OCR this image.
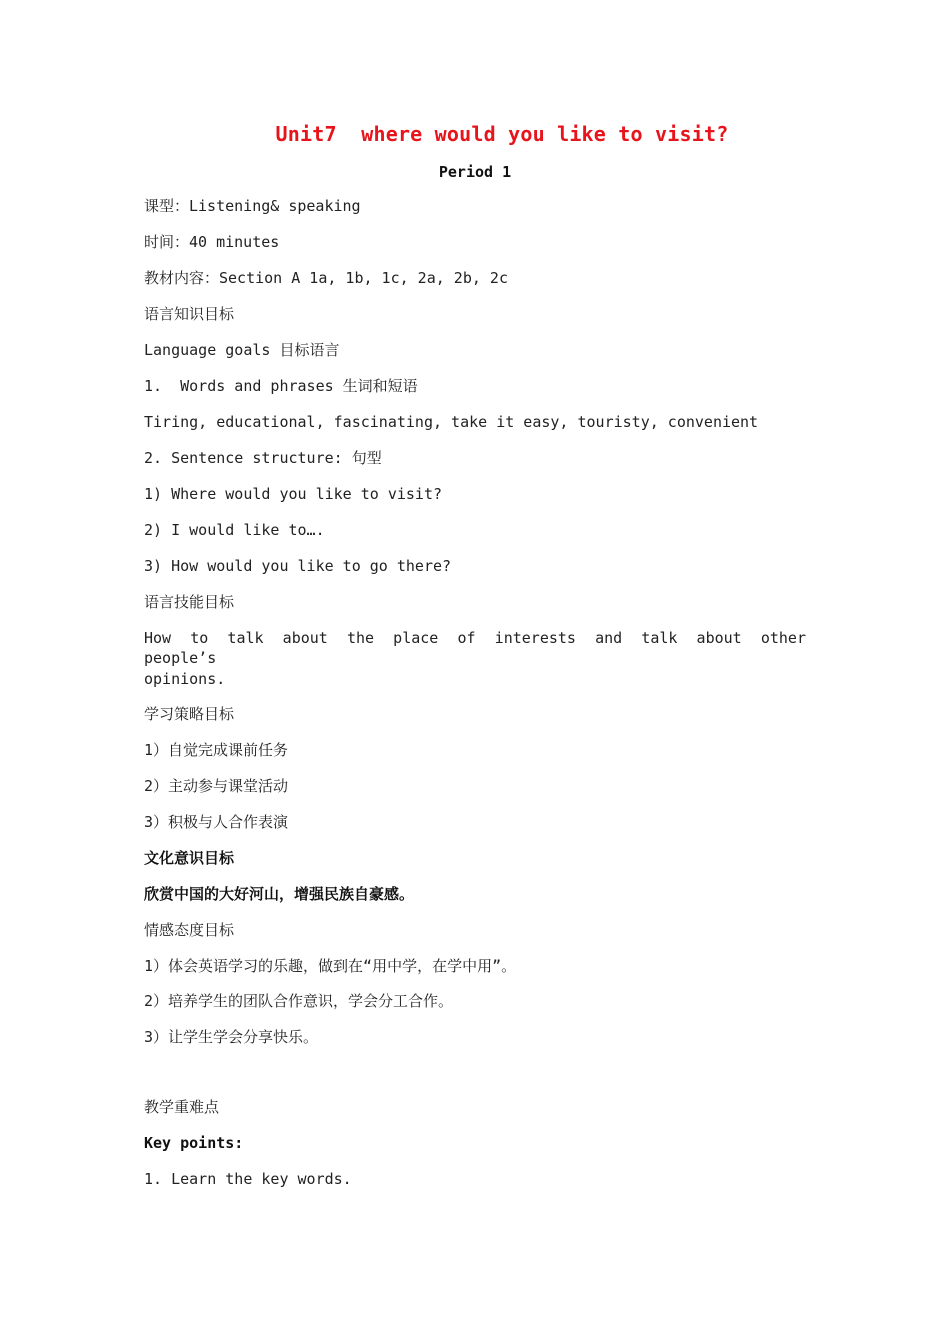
Unit7  where would you like to visit?
Period 1
课型：Listening& speaking
时间：40 minutes
教材内容：Section A 1a, 1b, 1c, 2a, 2b, 2c
语言知识目标
Language goals 目标语言
1.  Words and phrases 生词和短语
Tiring, educational, fascinating, take it easy, touristy, convenient
2. Sentence structure: 句型
1) Where would you like to visit?
2) I would like to….
3) How would you like to go there?
语言技能目标
How to talk about the place of interests and talk about other people’s
opinions.
学习策略目标
1）自觉完成课前任务
2）主动参与课堂活动
3）积极与人合作表演
文化意识目标
欣赏中国的大好河山，增强民族自豪感。
情感态度目标
1）体会英语学习的乐趣，做到在“用中学，在学中用”。
2）培养学生的团队合作意识，学会分工合作。
3）让学生学会分享快乐。
教学重难点
Key points:
1. Learn the key words.
